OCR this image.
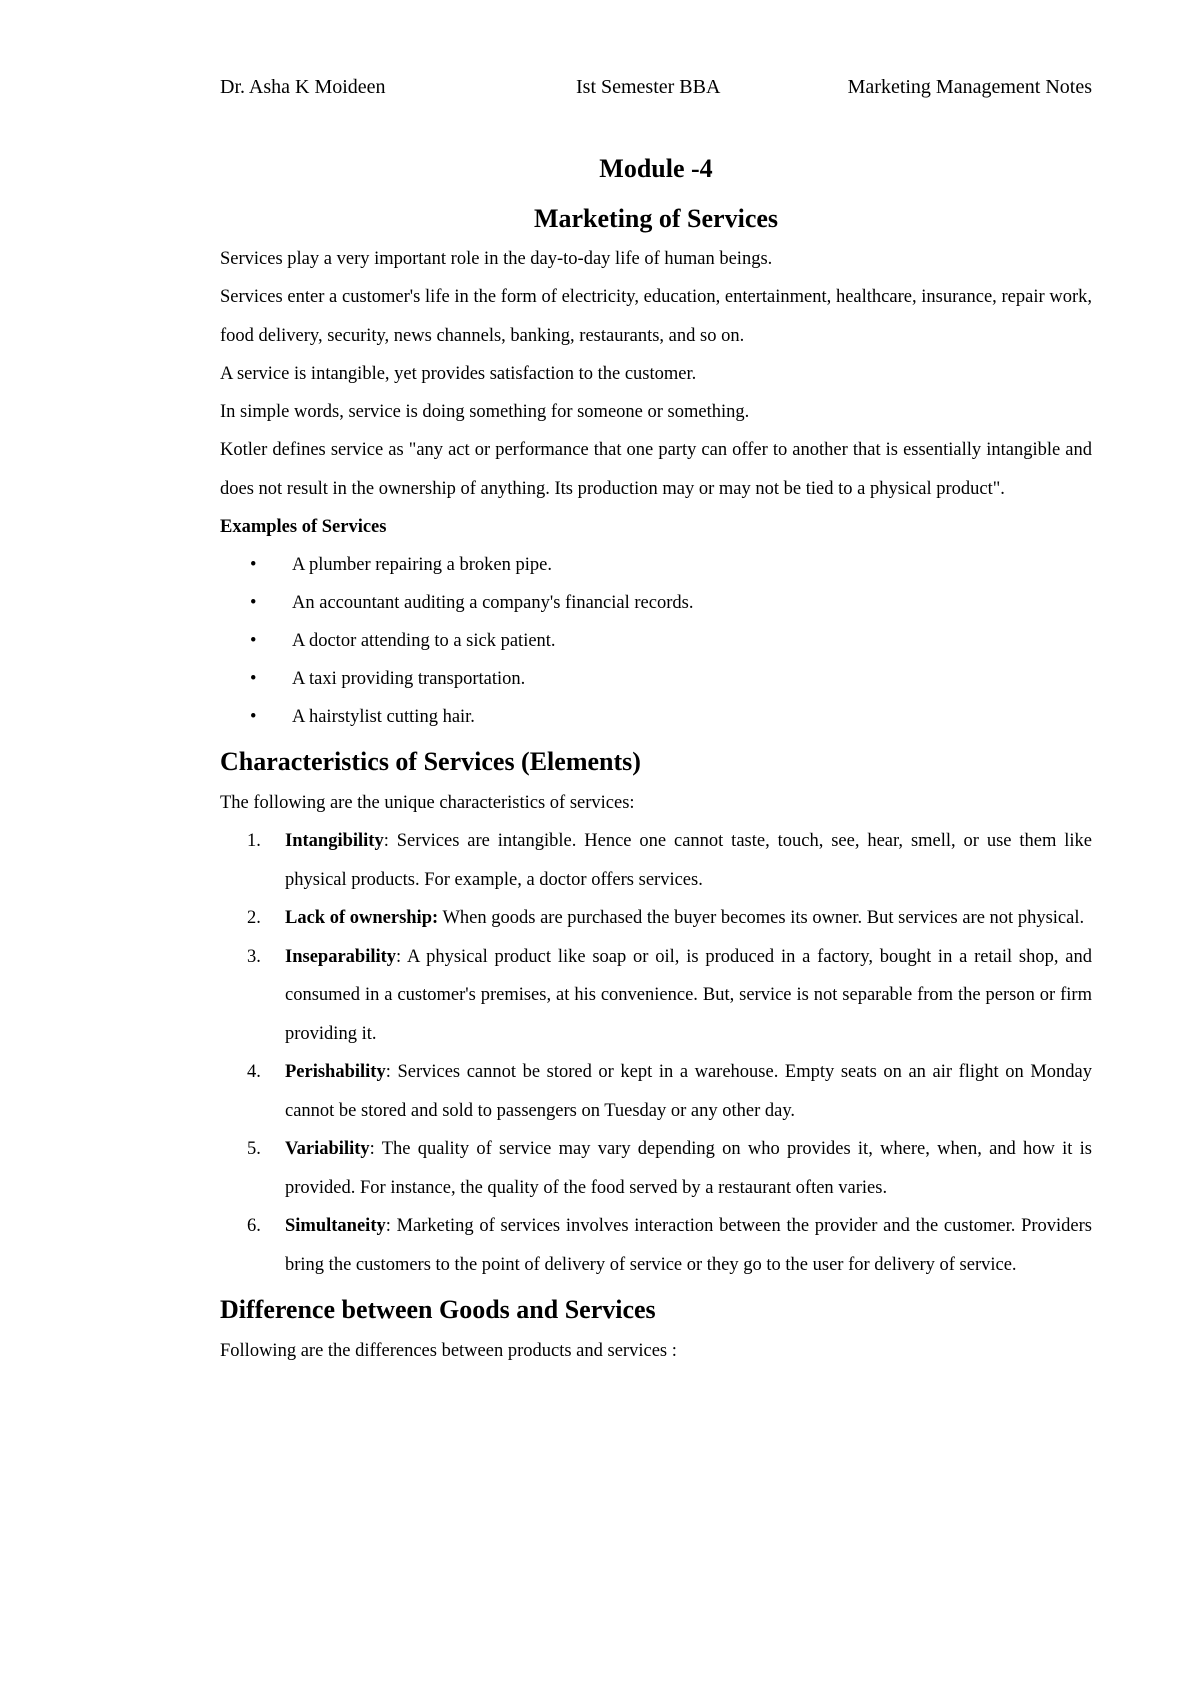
Dr. Asha K Moideen	Ist Semester BBA	Marketing Management Notes
Module -4
Marketing of Services

Services play a very important role in the day-to-day life of human beings.

Services enter a customer's life in the form of electricity, education, entertainment, healthcare, insurance, repair work, food delivery, security, news channels, banking, restaurants, and so on.

A service is intangible, yet provides satisfaction to the customer.

In simple words, service is doing something for someone or something.

Kotler defines service as "any act or performance that one party can offer to another that is essentially intangible and does not result in the ownership of anything. Its production may or may not be tied to a physical product".

Examples of Services
• A plumber repairing a broken pipe.
• An accountant auditing a company's financial records.
• A doctor attending to a sick patient.
• A taxi providing transportation.
• A hairstylist cutting hair.
Characteristics of Services (Elements)

The following are the unique characteristics of services:

1. Intangibility: Services are intangible. Hence one cannot taste, touch, see, hear, smell, or use them like physical products. For example, a doctor offers services.
2. Lack of ownership: When goods are purchased the buyer becomes its owner. But services are not physical.
3. Inseparability: A physical product like soap or oil, is produced in a factory, bought in a retail shop, and consumed in a customer's premises, at his convenience. But, service is not separable from the person or firm providing it.
4. Perishability: Services cannot be stored or kept in a warehouse. Empty seats on an air flight on Monday cannot be stored and sold to passengers on Tuesday or any other day.
5. Variability: The quality of service may vary depending on who provides it, where, when, and how it is provided. For instance, the quality of the food served by a restaurant often varies.
6. Simultaneity: Marketing of services involves interaction between the provider and the customer. Providers bring the customers to the point of delivery of service or they go to the user for delivery of service.
Difference between Goods and Services

Following are the differences between products and services :
